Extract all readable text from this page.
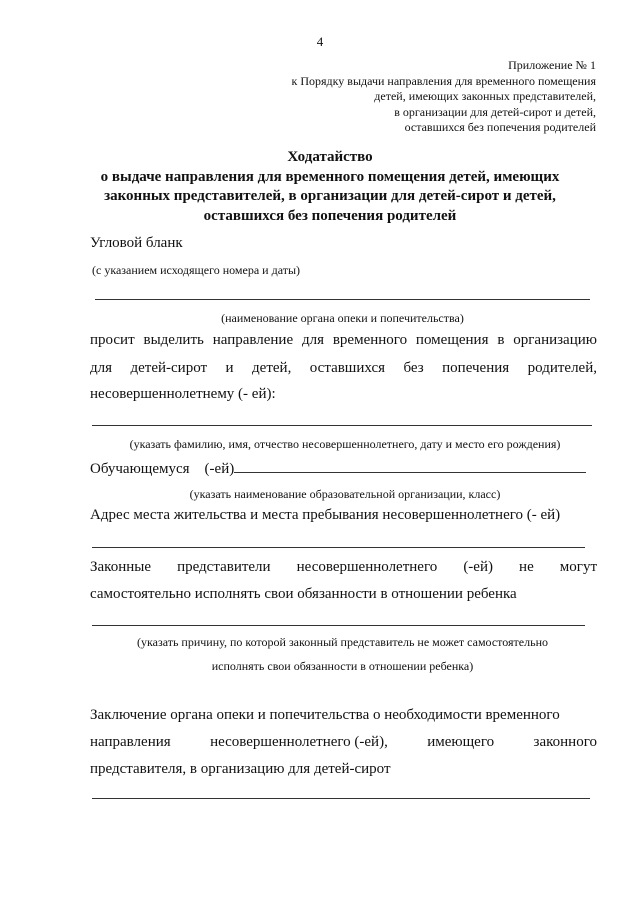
4
Приложение № 1
к Порядку выдачи направления для временного помещения
детей, имеющих законных представителей,
в организации для детей-сирот и детей,
оставшихся без попечения родителей
Ходатайство
о выдаче направления для временного помещения детей, имеющих
законных представителей, в организации для детей-сирот и детей,
оставшихся без попечения родителей
Угловой бланк
(с указанием исходящего номера и даты)
(наименование органа опеки и попечительства)
просит выделить направление для временного помещения в организацию
для детей-сирот и детей, оставшихся без попечения родителей,
несовершеннолетнему (- ей):
(указать фамилию, имя, отчество несовершеннолетнего, дату и место его рождения)
Обучающемуся    (-ей)
(указать наименование образовательной организации, класс)
Адрес места жительства и места пребывания несовершеннолетнего (- ей)
Законные представители несовершеннолетнего (-ей) не могут
самостоятельно исполнять свои обязанности в отношении ребенка
(указать причину, по которой законный представитель не может самостоятельно
исполнять свои обязанности в отношении ребенка)
Заключение органа опеки и попечительства о необходимости временного
направления	несовершеннолетнего (-ей),	имеющего	законного
представителя, в организацию для детей-сирот
